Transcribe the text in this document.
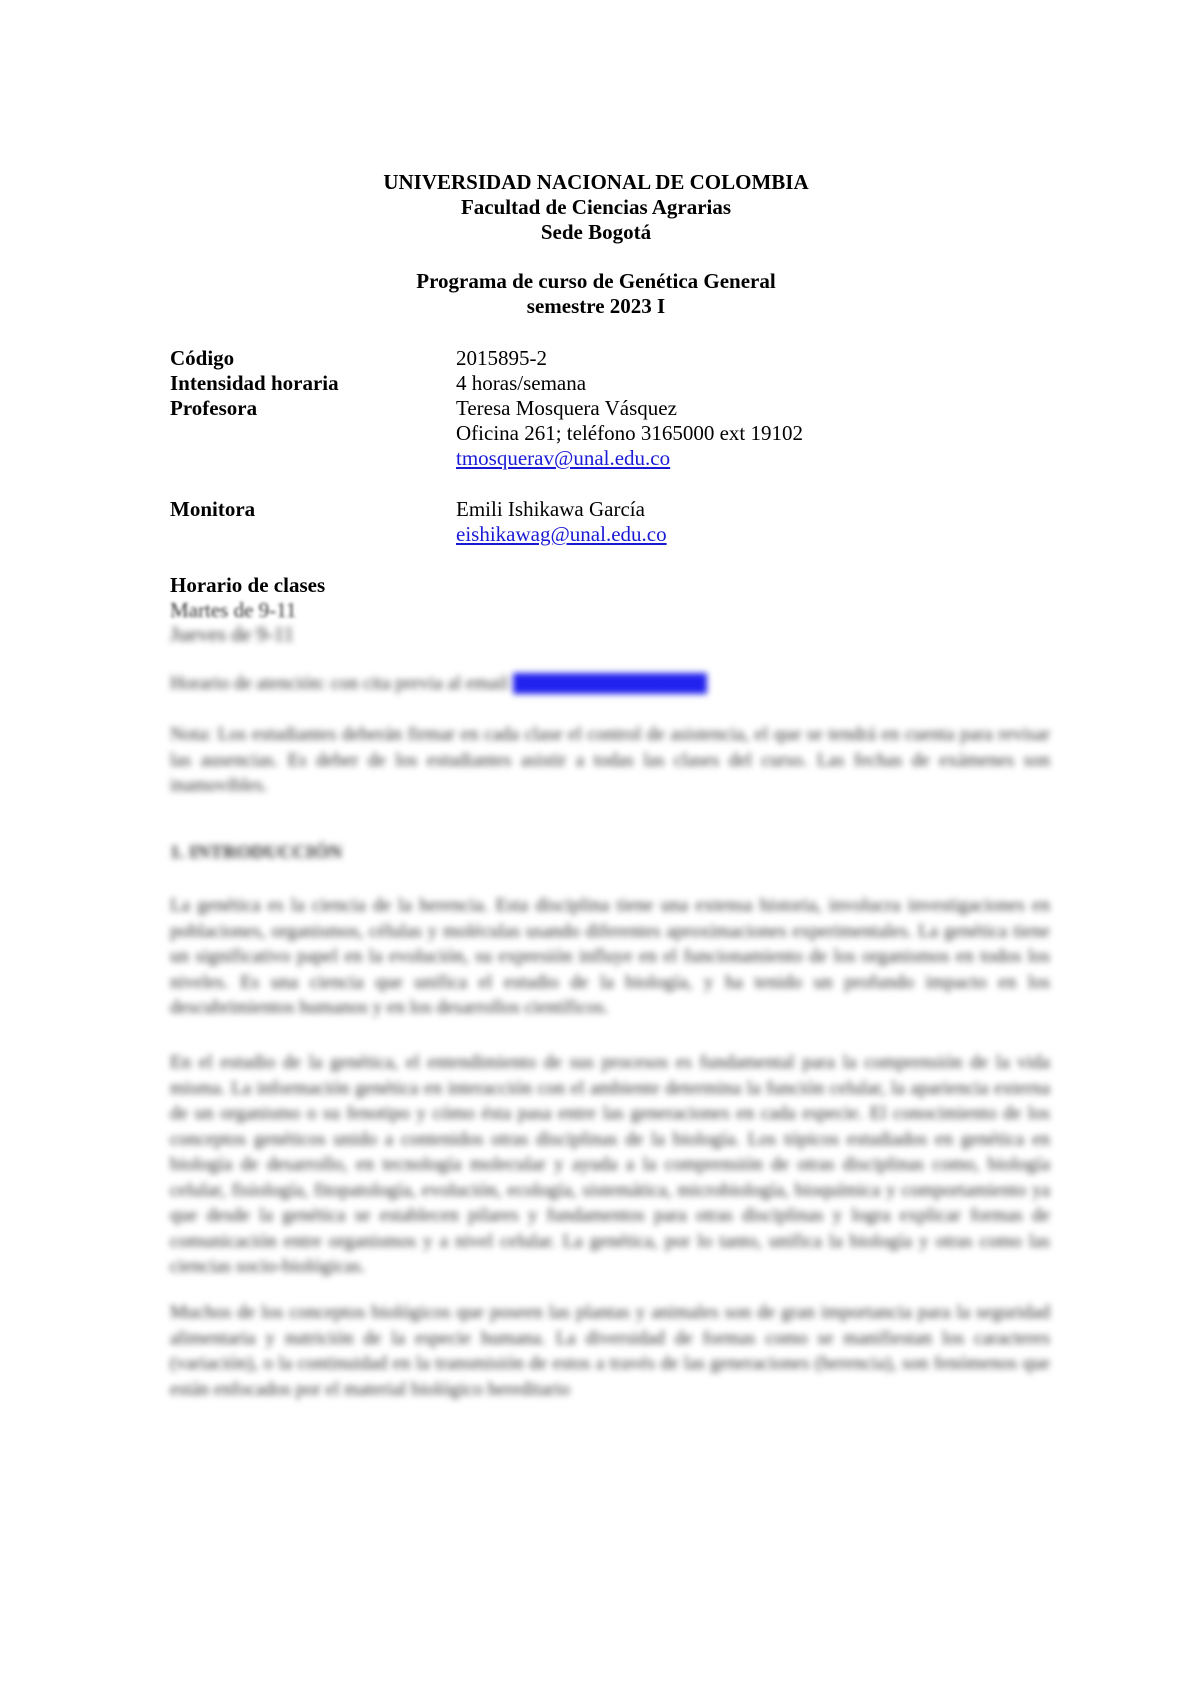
UNIVERSIDAD NACIONAL DE COLOMBIA
Facultad de Ciencias Agrarias
Sede Bogotá
Programa de curso de Genética General
semestre 2023 I
Código	2015895-2
Intensidad horaria	4 horas/semana
Profesora	Teresa Mosquera Vásquez
Oficina 261; teléfono 3165000 ext 19102
tmosquerav@unal.edu.co
Monitora	Emili Ishikawa García
eishikawag@unal.edu.co
Horario de clases
Martes de 9-11
Jueves de 9-11
Horario de atención: con cita previa al email eishikawag@unal.edu.co
Nota: Los estudiantes deberán firmar en cada clase el control de asistencia, el que se tendrá en cuenta para revisar las ausencias. Es deber de los estudiantes asistir a todas las clases del curso. Las fechas de exámenes son inamovibles.
1. INTRODUCCIÓN
La genética es la ciencia de la herencia. Esta disciplina tiene una extensa historia, involucra investigaciones en poblaciones, organismos, células y moléculas usando diferentes aproximaciones experimentales. La genética tiene un significativo papel en la evolución, su expresión influye en el funcionamiento de los organismos en todos los niveles. Es una ciencia que unifica el estudio de la biología, y ha tenido un profundo impacto en los descubrimientos humanos y en los desarrollos científicos.
En el estudio de la genética, el entendimiento de sus procesos es fundamental para la comprensión de la vida misma. La información genética en interacción con el ambiente determina la función celular, la apariencia externa de un organismo o su fenotipo y cómo ésta pasa entre las generaciones en cada especie. El conocimiento de los conceptos genéticos unido a contenidos otras disciplinas de la biología. Los tópicos estudiados en genética en biología de desarrollo, en tecnología molecular y ayuda a la comprensión de otras disciplinas como, biología celular, fisiología, fitopatología, evolución, ecología, sistemática, microbiología, bioquímica y comportamiento ya que desde la genética se establecen pilares y fundamentos para otras disciplinas y logra explicar formas de comunicación entre organismos y a nivel celular. La genética, por lo tanto, unifica la biología y otras como las ciencias socio-biológicas.
Muchos de los conceptos biológicos que poseen las plantas y animales son de gran importancia para la seguridad alimentaria y nutrición de la especie humana. La diversidad de formas como se manifiestan los caracteres (variación), o la continuidad en la transmisión de estos a través de las generaciones (herencia), son fenómenos que están enfocados por el material biológico hereditario
